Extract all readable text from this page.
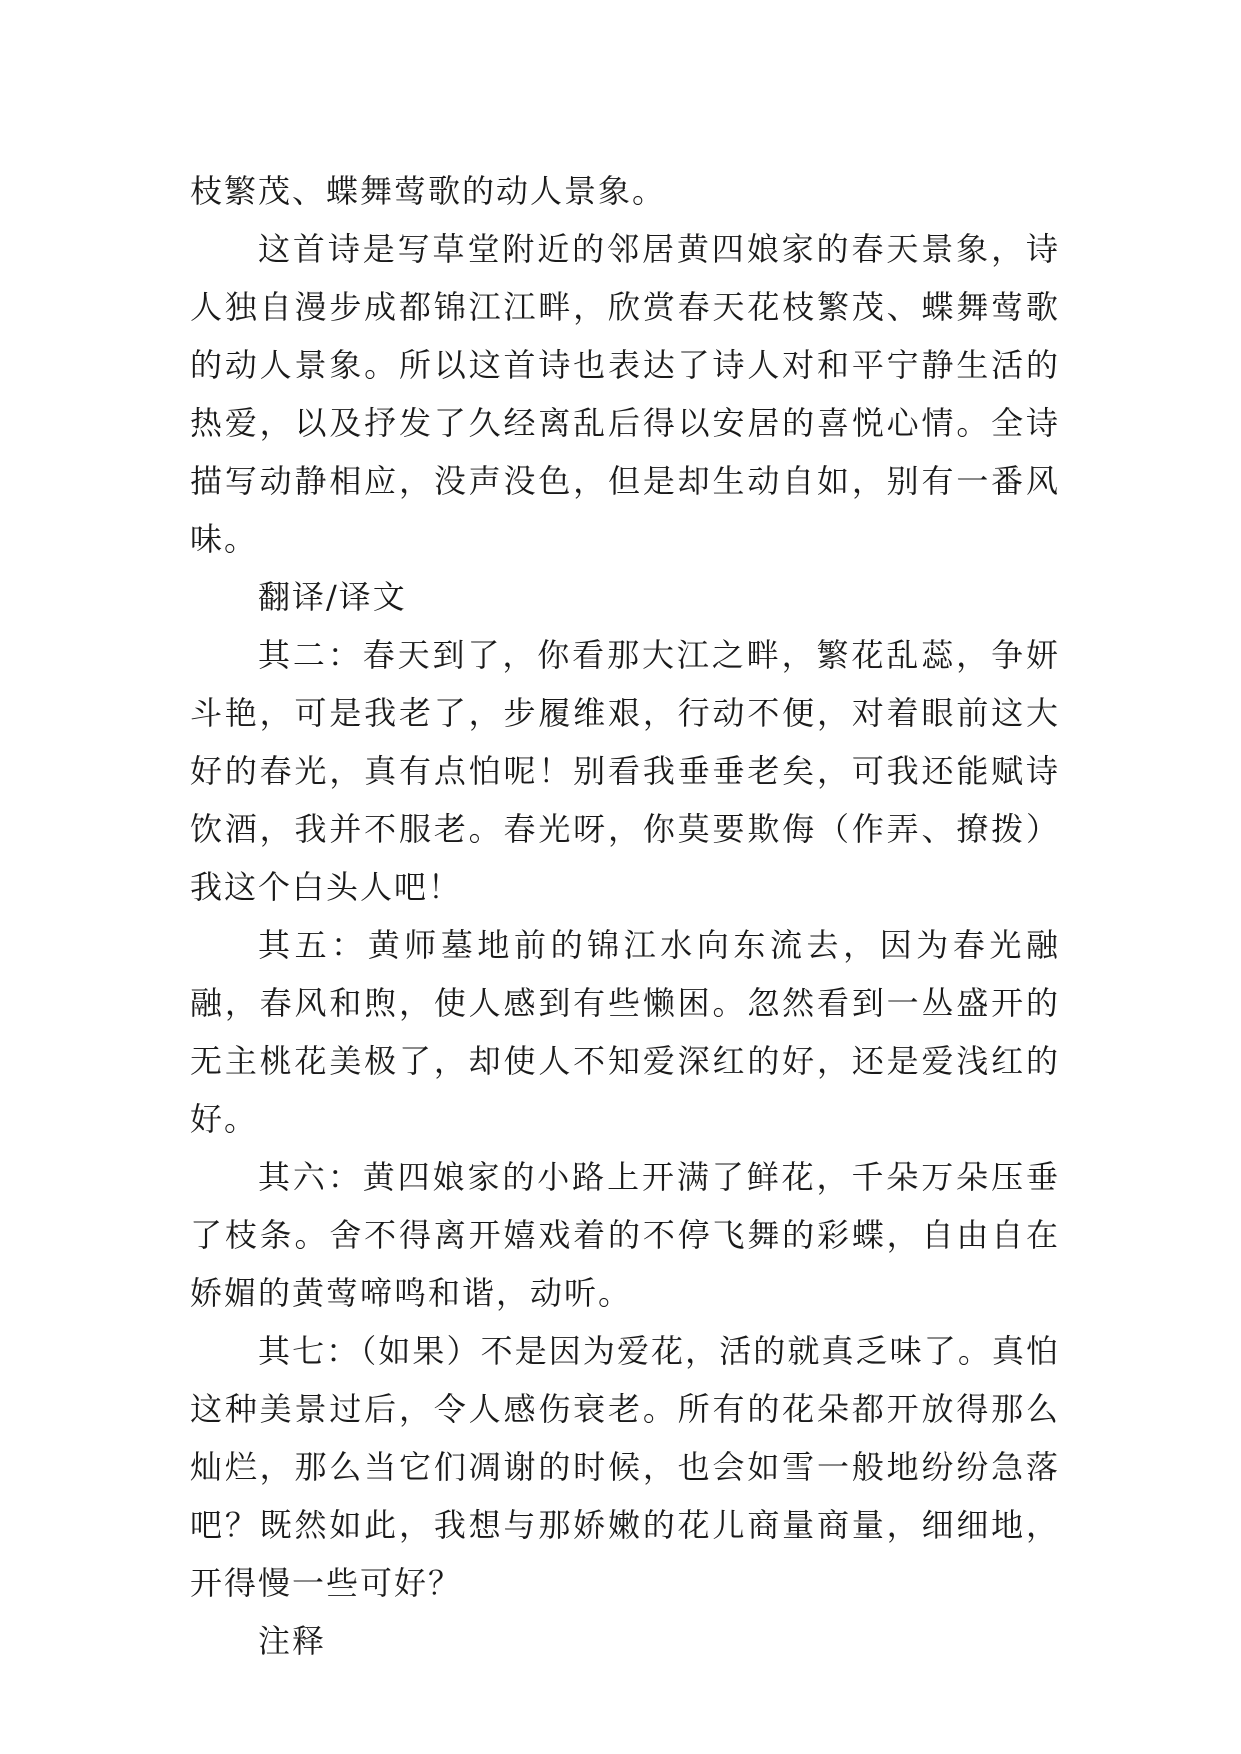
枝繁茂、蝶舞莺歌的动人景象。

这首诗是写草堂附近的邻居黄四娘家的春天景象，诗人独自漫步成都锦江江畔，欣赏春天花枝繁茂、蝶舞莺歌的动人景象。所以这首诗也表达了诗人对和平宁静生活的热爱，以及抒发了久经离乱后得以安居的喜悦心情。全诗描写动静相应，没声没色，但是却生动自如，别有一番风味。

翻译/译文

其二：春天到了，你看那大江之畔，繁花乱蕊，争妍斗艳，可是我老了，步履维艰，行动不便，对着眼前这大好的春光，真有点怕呢！别看我垂垂老矣，可我还能赋诗饮酒，我并不服老。春光呀，你莫要欺侮（作弄、撩拨）我这个白头人吧！

其五：黄师墓地前的锦江水向东流去，因为春光融融，春风和煦，使人感到有些懒困。忽然看到一丛盛开的无主桃花美极了，却使人不知爱深红的好，还是爱浅红的好。

其六：黄四娘家的小路上开满了鲜花，千朵万朵压垂了枝条。舍不得离开嬉戏着的不停飞舞的彩蝶，自由自在娇媚的黄莺啼鸣和谐，动听。

其七：（如果）不是因为爱花，活的就真乏味了。真怕这种美景过后，令人感伤衰老。所有的花朵都开放得那么灿烂，那么当它们凋谢的时候，也会如雪一般地纷纷急落吧？既然如此，我想与那娇嫩的花儿商量商量，细细地，开得慢一些可好？

注释
